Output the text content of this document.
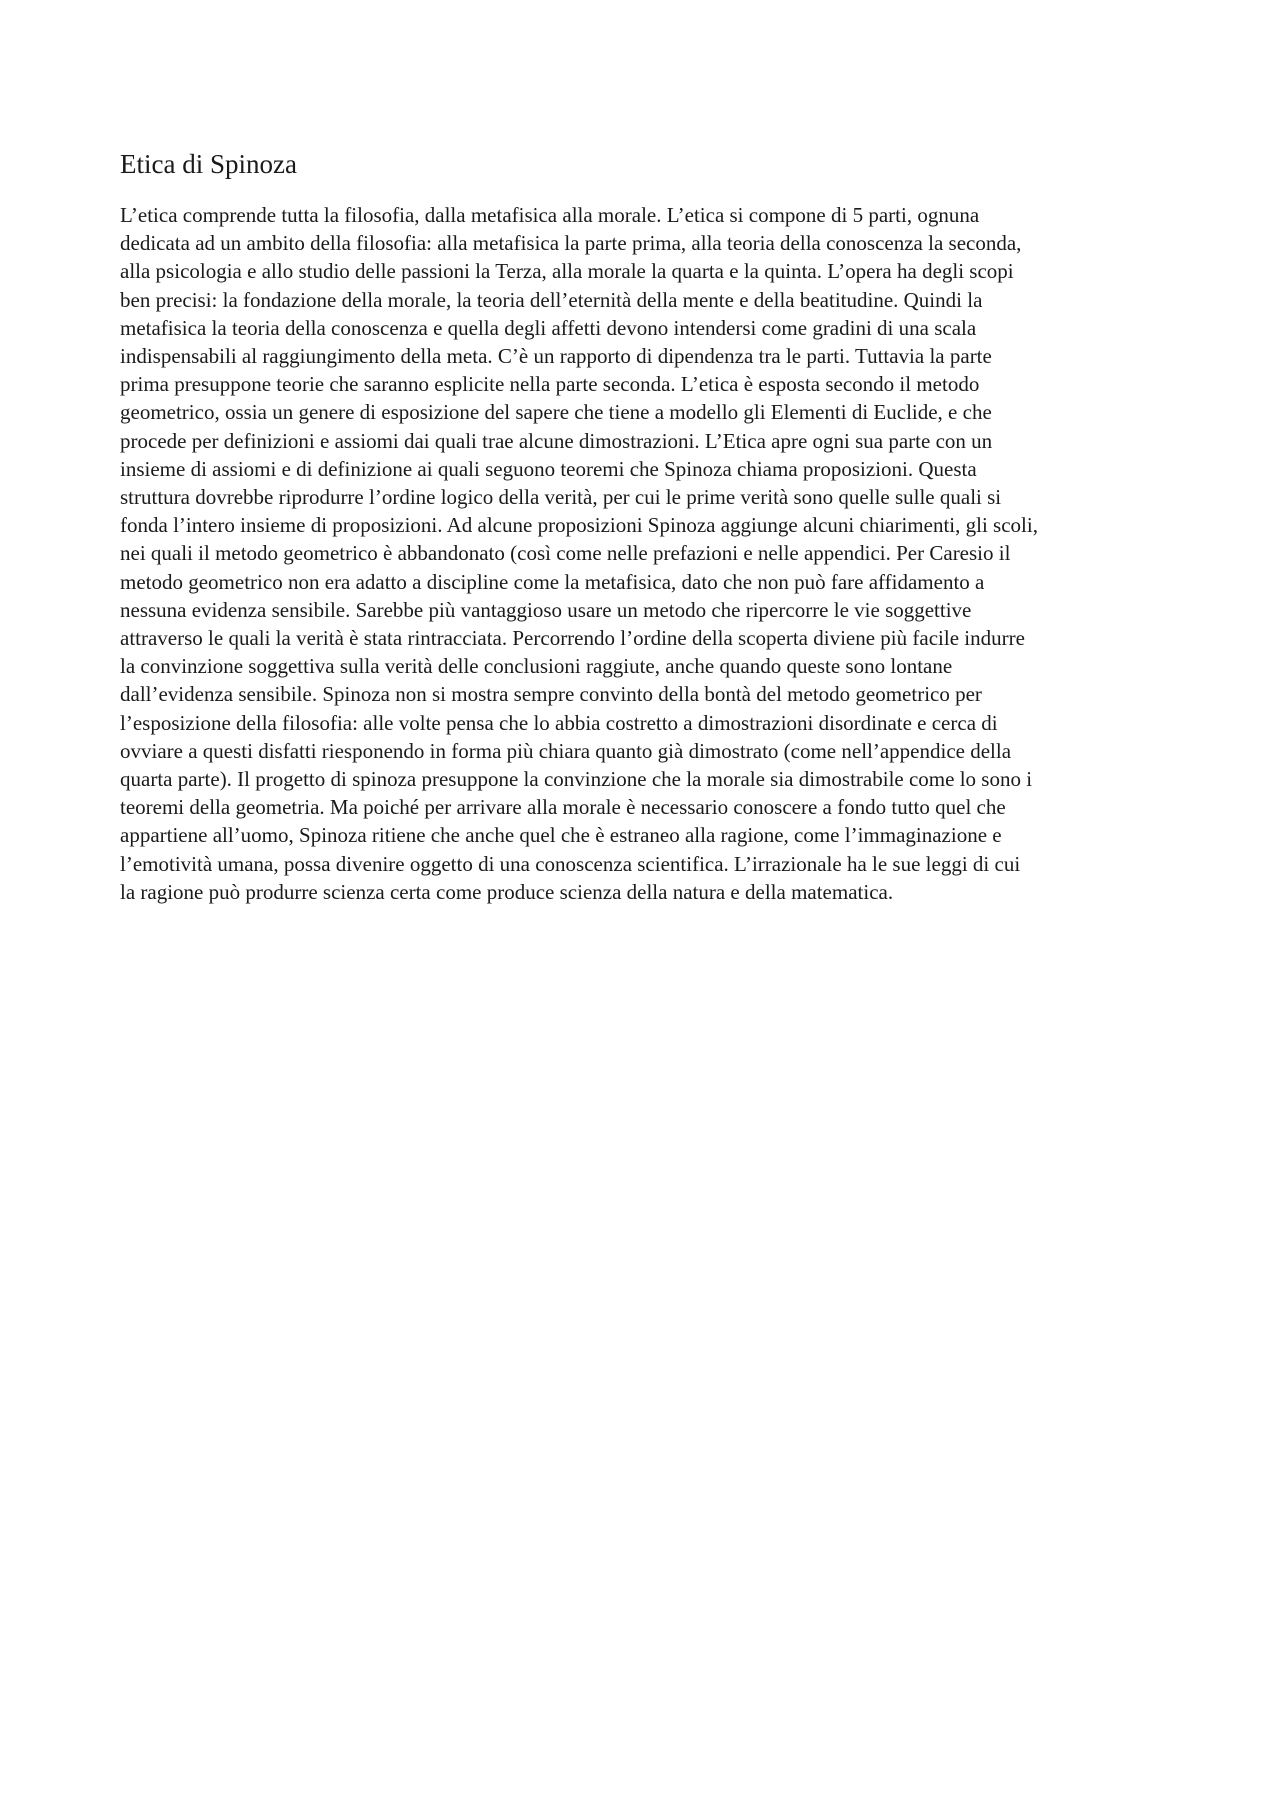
Etica di Spinoza

L’etica comprende tutta la filosofia, dalla metafisica alla morale. L’etica si compone di 5 parti, ognuna
dedicata ad un ambito della filosofia: alla metafisica la parte prima, alla teoria della conoscenza la seconda,
alla psicologia e allo studio delle passioni la Terza, alla morale la quarta e la quinta. L’opera ha degli scopi
ben precisi: la fondazione della morale, la teoria dell’eternità della mente e della beatitudine. Quindi la
metafisica la teoria della conoscenza e quella degli affetti devono intendersi come gradini di una scala
indispensabili al raggiungimento della meta. C’è un rapporto di dipendenza tra le parti. Tuttavia la parte
prima presuppone teorie che saranno esplicite nella parte seconda. L’etica è esposta secondo il metodo
geometrico, ossia un genere di esposizione del sapere che tiene a modello gli Elementi di Euclide, e che
procede per definizioni e assiomi dai quali trae alcune dimostrazioni. L’Etica apre ogni sua parte con un
insieme di assiomi e di definizione ai quali seguono teoremi che Spinoza chiama proposizioni. Questa
struttura dovrebbe riprodurre l’ordine logico della verità, per cui le prime verità sono quelle sulle quali si
fonda l’intero insieme di proposizioni. Ad alcune proposizioni Spinoza aggiunge alcuni chiarimenti, gli scoli,
nei quali il metodo geometrico è abbandonato (così come nelle prefazioni e nelle appendici. Per Caresio il
metodo geometrico non era adatto a discipline come la metafisica, dato che non può fare affidamento a
nessuna evidenza sensibile. Sarebbe più vantaggioso usare un metodo che ripercorre le vie soggettive
attraverso le quali la verità è stata rintracciata. Percorrendo l’ordine della scoperta diviene più facile indurre
la convinzione soggettiva sulla verità delle conclusioni raggiute, anche quando queste sono lontane
dall’evidenza sensibile. Spinoza non si mostra sempre convinto della bontà del metodo geometrico per
l’esposizione della filosofia: alle volte pensa che lo abbia costretto a dimostrazioni disordinate e cerca di
ovviare a questi disfatti riesponendo in forma più chiara quanto già dimostrato (come nell’appendice della
quarta parte). Il progetto di spinoza presuppone la convinzione che la morale sia dimostrabile come lo sono i
teoremi della geometria. Ma poiché per arrivare alla morale è necessario conoscere a fondo tutto quel che
appartiene all’uomo, Spinoza ritiene che anche quel che è estraneo alla ragione, come l’immaginazione e
l’emotività umana, possa divenire oggetto di una conoscenza scientifica. L’irrazionale ha le sue leggi di cui
la ragione può produrre scienza certa come produce scienza della natura e della matematica.
